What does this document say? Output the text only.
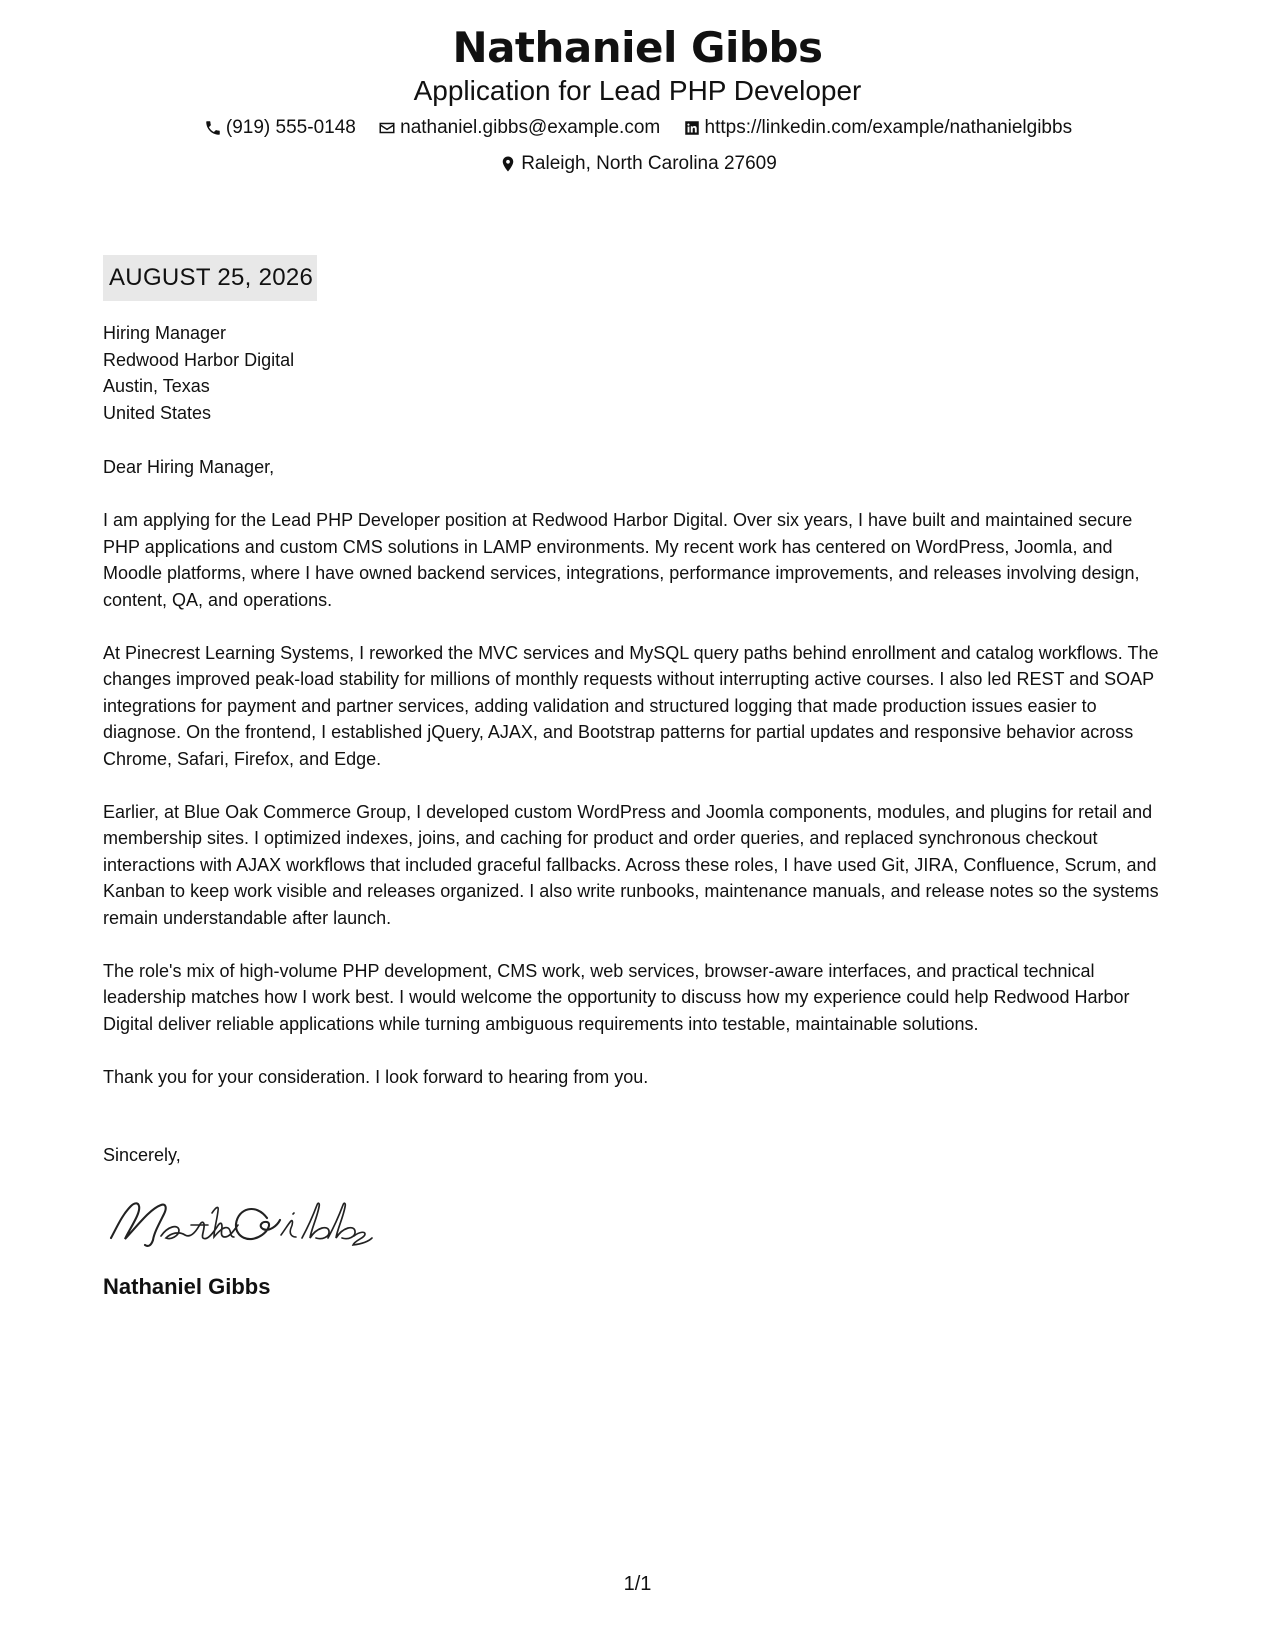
Nathaniel Gibbs
Application for Lead PHP Developer
(919) 555-0148
nathaniel.gibbs@example.com
https://linkedin.com/example/nathanielgibbs
Raleigh, North Carolina 27609
AUGUST 25, 2026
Hiring Manager
Redwood Harbor Digital
Austin, Texas
United States
Dear Hiring Manager,

I am applying for the Lead PHP Developer position at Redwood Harbor Digital. Over six years, I have built and maintained secure PHP applications and custom CMS solutions in LAMP environments. My recent work has centered on WordPress, Joomla, and Moodle platforms, where I have owned backend services, integrations, performance improvements, and releases involving design, content, QA, and operations.

At Pinecrest Learning Systems, I reworked the MVC services and MySQL query paths behind enrollment and catalog workflows. The changes improved peak-load stability for millions of monthly requests without interrupting active courses. I also led REST and SOAP integrations for payment and partner services, adding validation and structured logging that made production issues easier to diagnose. On the frontend, I established jQuery, AJAX, and Bootstrap patterns for partial updates and responsive behavior across Chrome, Safari, Firefox, and Edge.

Earlier, at Blue Oak Commerce Group, I developed custom WordPress and Joomla components, modules, and plugins for retail and membership sites. I optimized indexes, joins, and caching for product and order queries, and replaced synchronous checkout interactions with AJAX workflows that included graceful fallbacks. Across these roles, I have used Git, JIRA, Confluence, Scrum, and Kanban to keep work visible and releases organized. I also write runbooks, maintenance manuals, and release notes so the systems remain understandable after launch.

The role's mix of high-volume PHP development, CMS work, web services, browser-aware interfaces, and practical technical leadership matches how I work best. I would welcome the opportunity to discuss how my experience could help Redwood Harbor Digital deliver reliable applications while turning ambiguous requirements into testable, maintainable solutions.

Thank you for your consideration. I look forward to hearing from you.

Sincerely,
Nathaniel Gibbs
1/1
